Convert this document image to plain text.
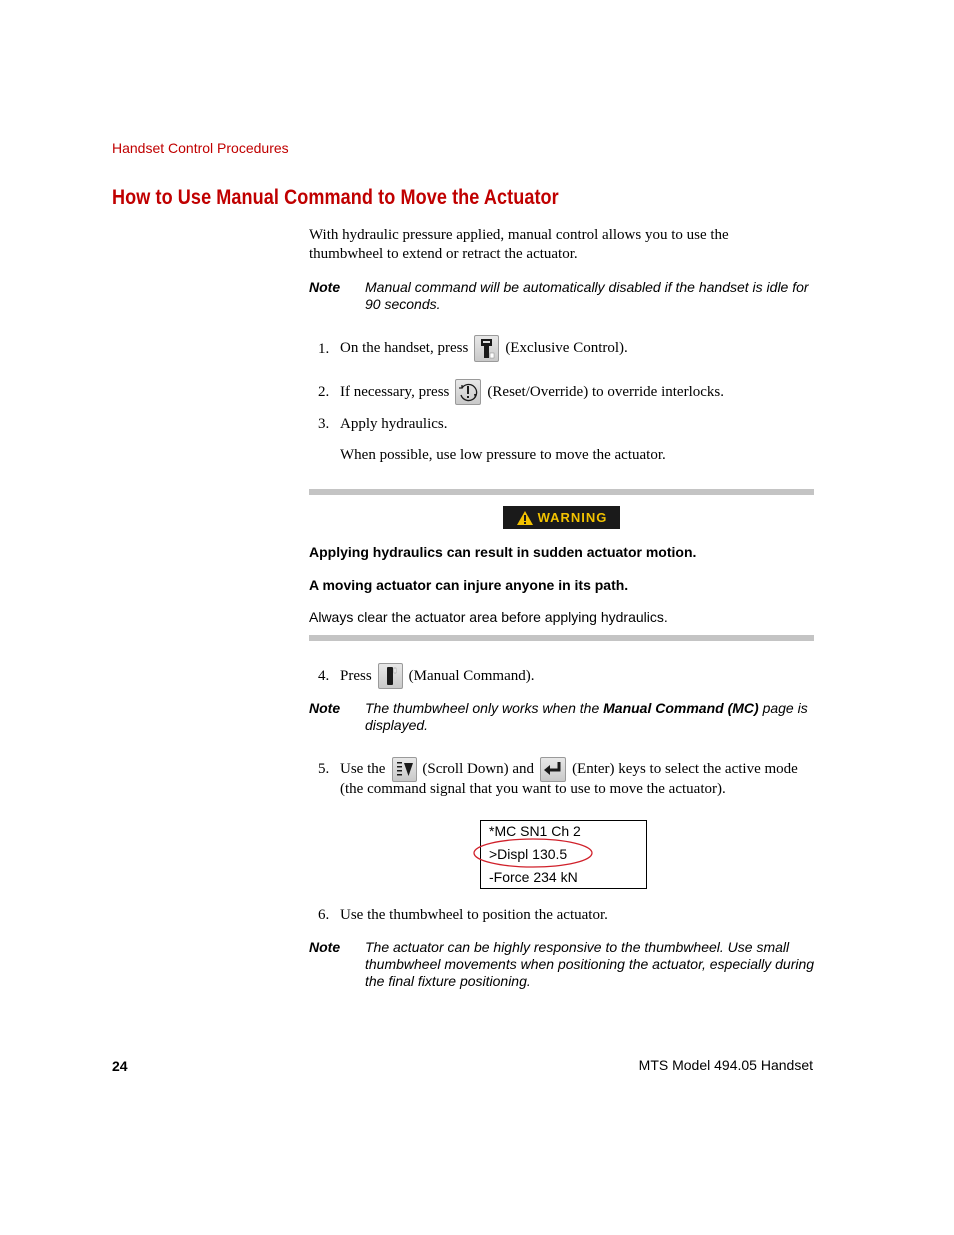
Handset Control Procedures
How to Use Manual Command to Move the Actuator
With hydraulic pressure applied, manual control allows you to use the thumbwheel to extend or retract the actuator.
Note Manual command will be automatically disabled if the handset is idle for 90 seconds.
1. On the handset, press (Exclusive Control).
2. If necessary, press	(Reset/Override) to override interlocks.
3. Apply hydraulics.
When possible, use low pressure to move the actuator.
WARNING
Applying hydraulics can result in sudden actuator motion.
A moving actuator can injure anyone in its path.
Always clear the actuator area before applying hydraulics.
4. Press (Manual Command).
Note The thumbwheel only works when the Manual Command (MC) page is displayed.
5. Use the (Scroll Down) and	(Enter) keys to select the active mode
(the command signal that you want to use to move the actuator).
*MC SN1 Ch 2
>Displ 130.5
-Force 234 kN
6. Use the thumbwheel to position the actuator.
Note The actuator can be highly responsive to the thumbwheel. Use small thumbwheel movements when positioning the actuator, especially during the final fixture positioning.
24	MTS Model 494.05 Handset
